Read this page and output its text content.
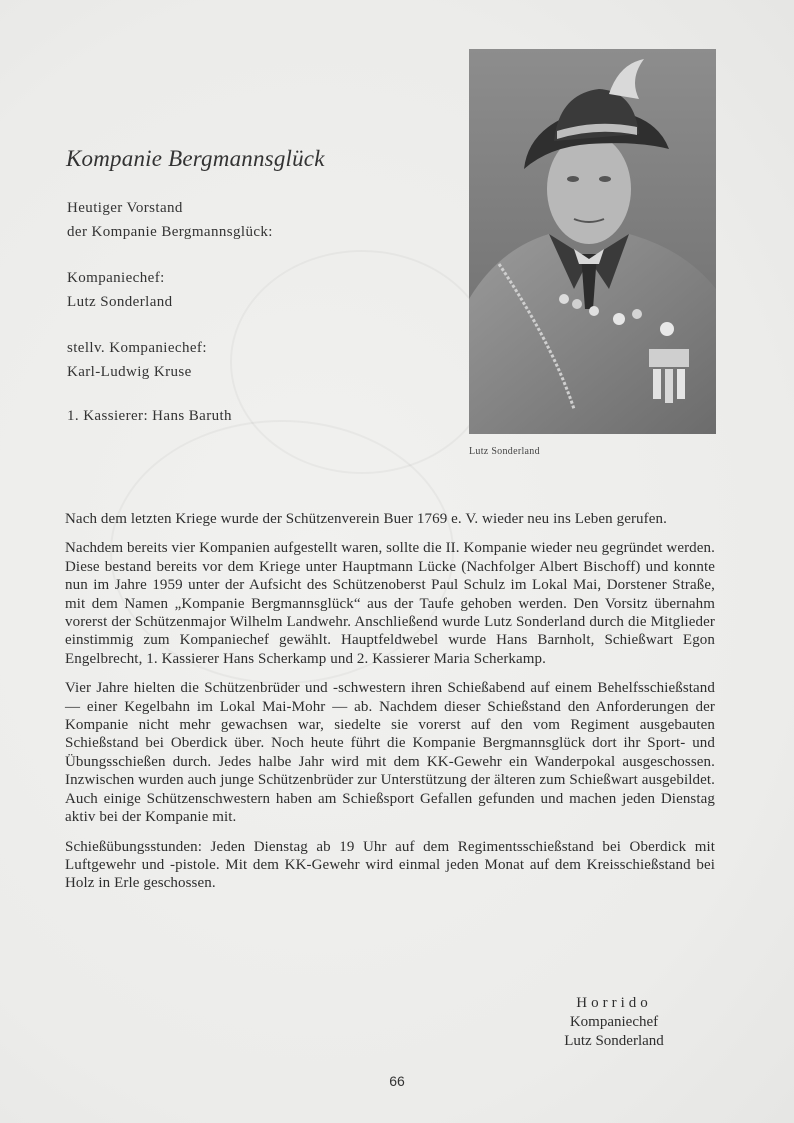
Kompanie Bergmannsglück

Heutiger Vorstand

der Kompanie Bergmannsglück:

Kompaniechef:

Lutz Sonderland

stellv. Kompaniechef:

Karl-Ludwig Kruse

1. Kassierer: Hans Baruth

Lutz Sonderland

Nach dem letzten Kriege wurde der Schützenverein Buer 1769 e. V. wieder neu ins Leben gerufen.

Nachdem bereits vier Kompanien aufgestellt waren, sollte die II. Kompanie wieder neu gegründet werden. Diese bestand bereits vor dem Kriege unter Hauptmann Lücke (Nachfolger Albert Bischoff) und konnte nun im Jahre 1959 unter der Aufsicht des Schützenoberst Paul Schulz im Lokal Mai, Dorstener Straße, mit dem Namen „Kompanie Bergmannsglück“ aus der Taufe gehoben werden. Den Vorsitz übernahm vorerst der Schützenmajor Wilhelm Landwehr. Anschließend wurde Lutz Sonderland durch die Mitglieder einstimmig zum Kompaniechef gewählt. Hauptfeldwebel wurde Hans Barnholt, Schießwart Egon Engelbrecht, 1. Kassierer Hans Scherkamp und 2. Kassierer Maria Scherkamp.

Vier Jahre hielten die Schützenbrüder und -schwestern ihren Schießabend auf einem Behelfsschießstand — einer Kegelbahn im Lokal Mai-Mohr — ab. Nachdem dieser Schießstand den Anforderungen der Kompanie nicht mehr gewachsen war, siedelte sie vorerst auf den vom Regiment ausgebauten Schießstand bei Oberdick über. Noch heute führt die Kompanie Bergmannsglück dort ihr Sport- und Übungsschießen durch. Jedes halbe Jahr wird mit dem KK-Gewehr ein Wanderpokal ausgeschossen. Inzwischen wurden auch junge Schützenbrüder zur Unterstützung der älteren zum Schießwart ausgebildet. Auch einige Schützenschwestern haben am Schießsport Gefallen gefunden und machen jeden Dienstag aktiv bei der Kompanie mit.

Schießübungsstunden: Jeden Dienstag ab 19 Uhr auf dem Regimentsschießstand bei Oberdick mit Luftgewehr und -pistole. Mit dem KK-Gewehr wird einmal jeden Monat auf dem Kreisschießstand bei Holz in Erle geschossen.

Horrido
Kompaniechef
Lutz Sonderland
66
